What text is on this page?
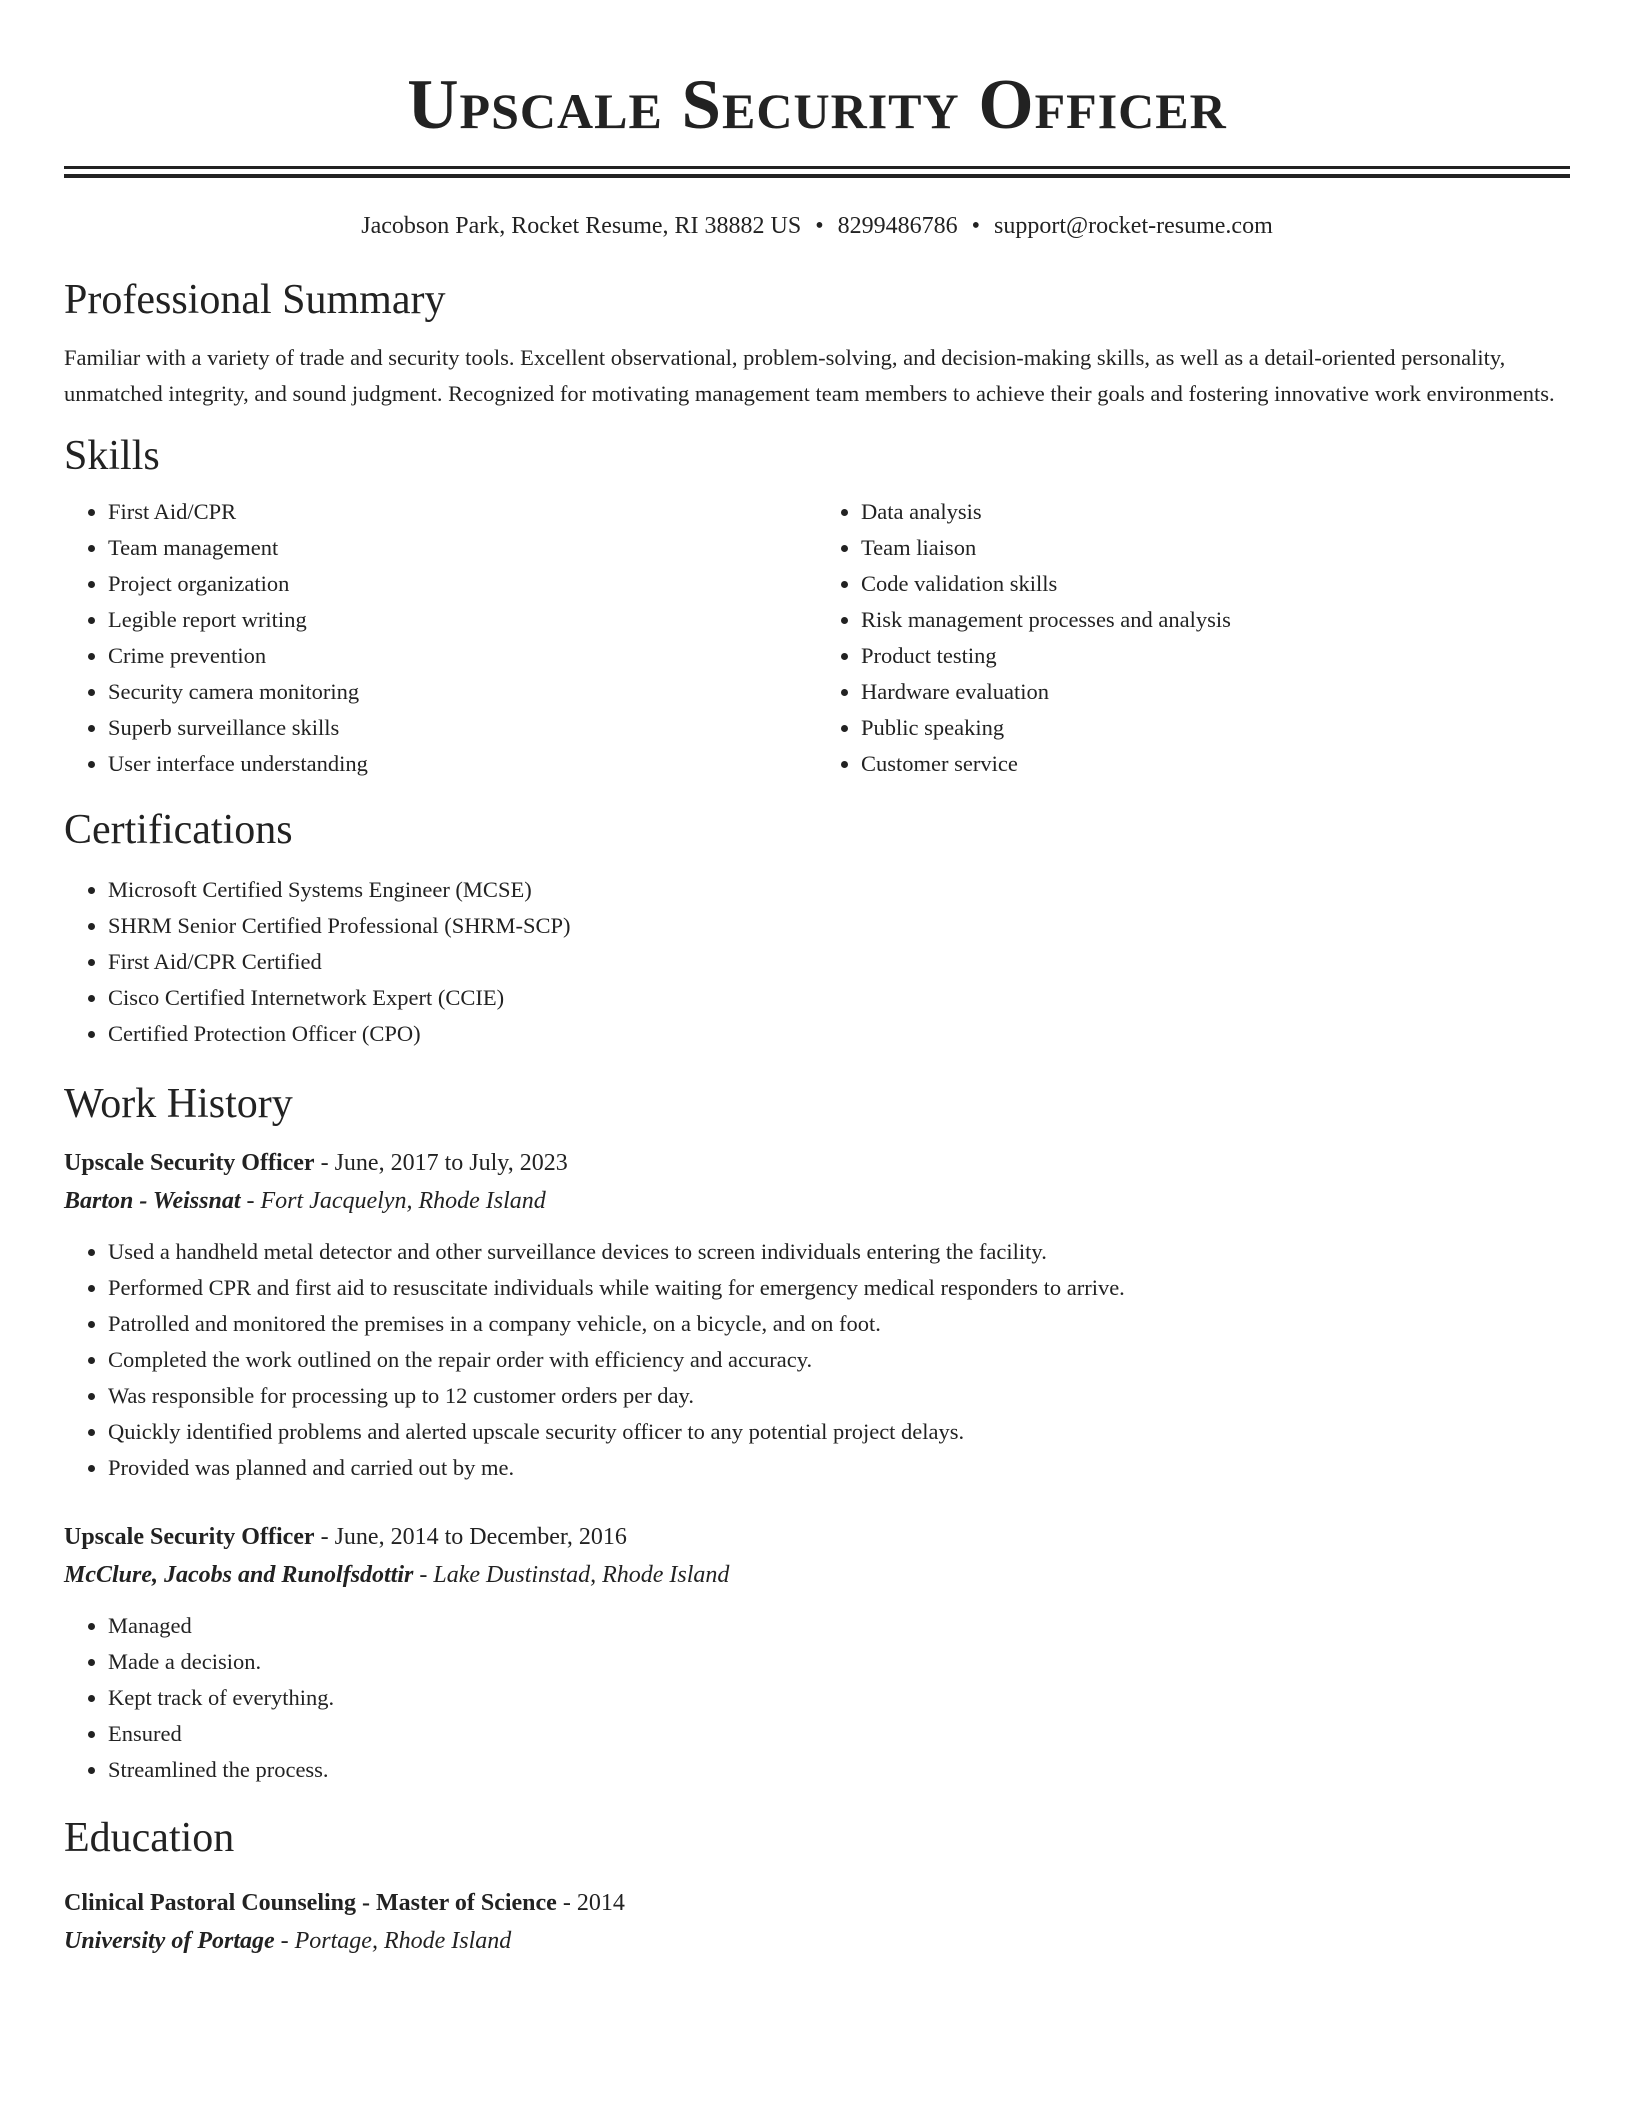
Upscale Security Officer
Jacobson Park, Rocket Resume, RI 38882 US • 8299486786 • support@rocket-resume.com
Professional Summary

Familiar with a variety of trade and security tools. Excellent observational, problem-solving, and decision-making skills, as well as a detail-oriented personality, unmatched integrity, and sound judgment. Recognized for motivating management team members to achieve their goals and fostering innovative work environments.

Skills
• First Aid/CPR
• Team management
• Project organization
• Legible report writing
• Crime prevention
• Security camera monitoring
• Superb surveillance skills
• User interface understanding
• Data analysis
• Team liaison
• Code validation skills
• Risk management processes and analysis
• Product testing
• Hardware evaluation
• Public speaking
• Customer service
Certifications
• Microsoft Certified Systems Engineer (MCSE)
• SHRM Senior Certified Professional (SHRM-SCP)
• First Aid/CPR Certified
• Cisco Certified Internetwork Expert (CCIE)
• Certified Protection Officer (CPO)
Work History
Upscale Security Officer - June, 2017 to July, 2023
Barton - Weissnat - Fort Jacquelyn, Rhode Island
• Used a handheld metal detector and other surveillance devices to screen individuals entering the facility.
• Performed CPR and first aid to resuscitate individuals while waiting for emergency medical responders to arrive.
• Patrolled and monitored the premises in a company vehicle, on a bicycle, and on foot.
• Completed the work outlined on the repair order with efficiency and accuracy.
• Was responsible for processing up to 12 customer orders per day.
• Quickly identified problems and alerted upscale security officer to any potential project delays.
• Provided was planned and carried out by me.
Upscale Security Officer - June, 2014 to December, 2016
McClure, Jacobs and Runolfsdottir - Lake Dustinstad, Rhode Island
• Managed
• Made a decision.
• Kept track of everything.
• Ensured
• Streamlined the process.
Education
Clinical Pastoral Counseling - Master of Science - 2014
University of Portage - Portage, Rhode Island
